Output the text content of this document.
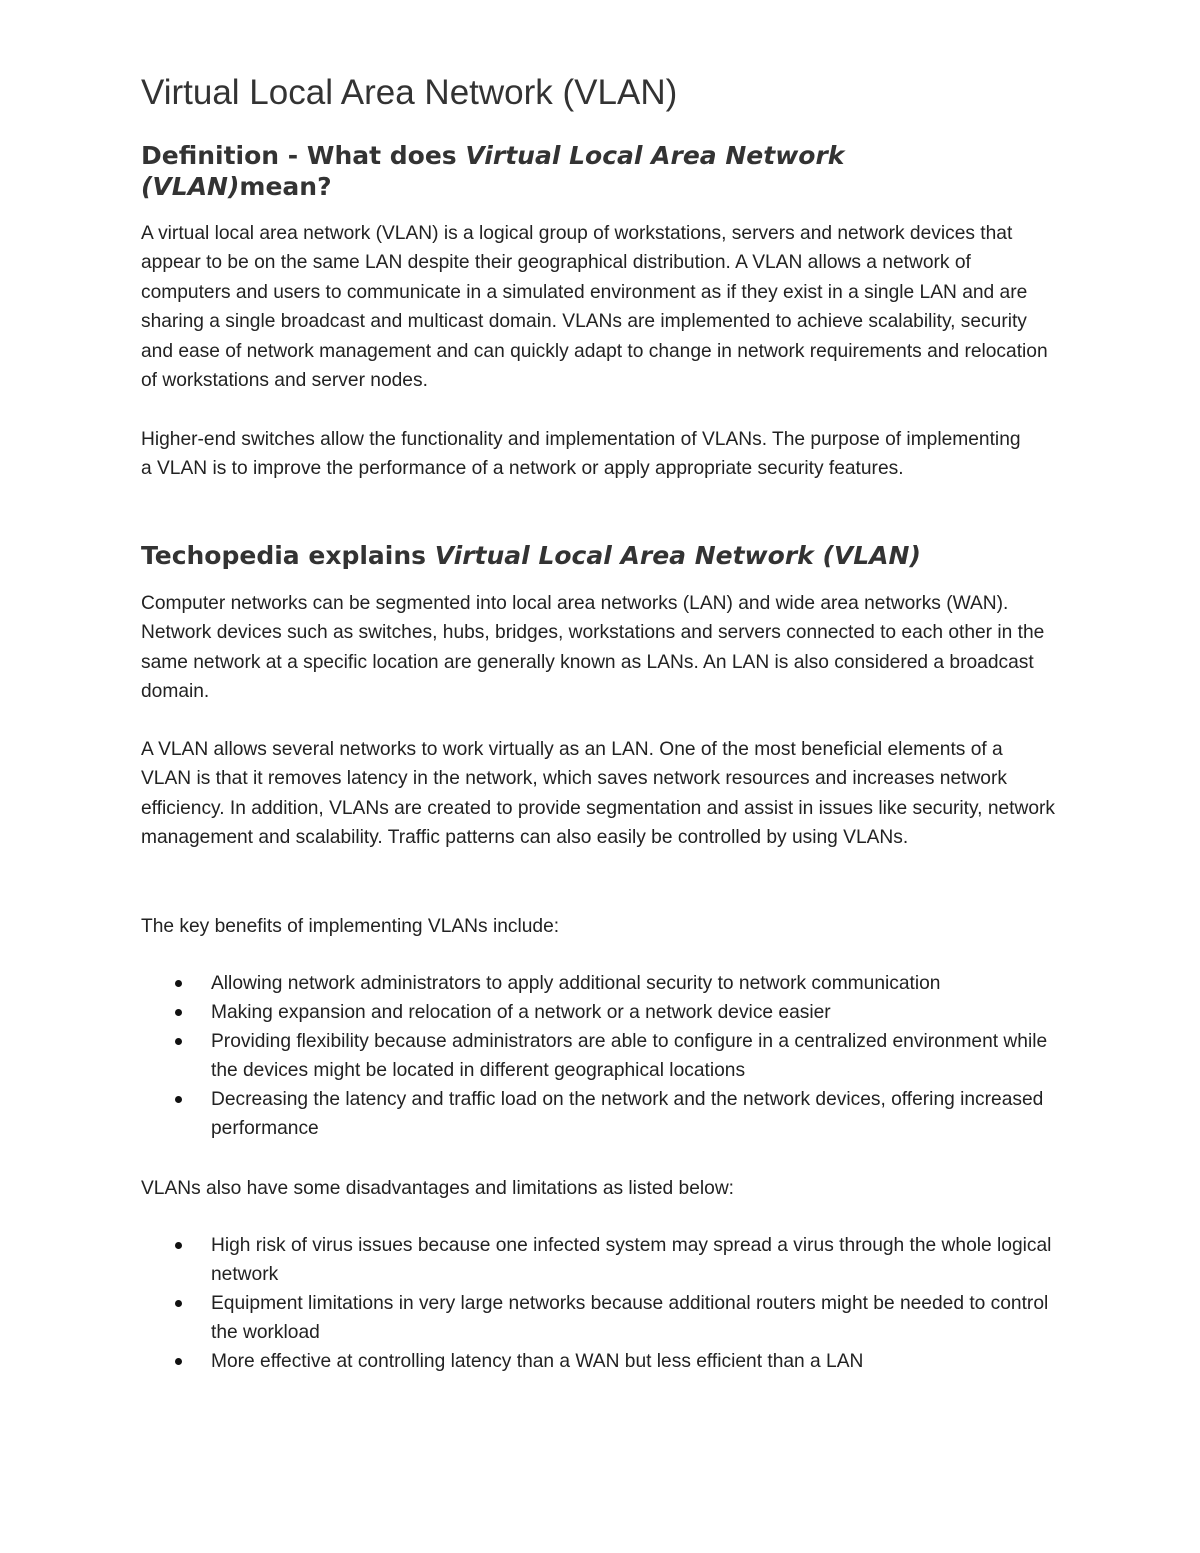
Virtual Local Area Network (VLAN)
Definition - What does Virtual Local Area Network (VLAN)mean?

A virtual local area network (VLAN) is a logical group of workstations, servers and network devices that appear to be on the same LAN despite their geographical distribution. A VLAN allows a network of computers and users to communicate in a simulated environment as if they exist in a single LAN and are sharing a single broadcast and multicast domain. VLANs are implemented to achieve scalability, security and ease of network management and can quickly adapt to change in network requirements and relocation of workstations and server nodes.

Higher-end switches allow the functionality and implementation of VLANs. The purpose of implementing a VLAN is to improve the performance of a network or apply appropriate security features.

Techopedia explains Virtual Local Area Network (VLAN)

Computer networks can be segmented into local area networks (LAN) and wide area networks (WAN). Network devices such as switches, hubs, bridges, workstations and servers connected to each other in the same network at a specific location are generally known as LANs. An LAN is also considered a broadcast domain.

A VLAN allows several networks to work virtually as an LAN. One of the most beneficial elements of a VLAN is that it removes latency in the network, which saves network resources and increases network efficiency. In addition, VLANs are created to provide segmentation and assist in issues like security, network management and scalability. Traffic patterns can also easily be controlled by using VLANs.

The key benefits of implementing VLANs include:

Allowing network administrators to apply additional security to network communication
Making expansion and relocation of a network or a network device easier
Providing flexibility because administrators are able to configure in a centralized environment while the devices might be located in different geographical locations
Decreasing the latency and traffic load on the network and the network devices, offering increased performance

VLANs also have some disadvantages and limitations as listed below:

High risk of virus issues because one infected system may spread a virus through the whole logical network
Equipment limitations in very large networks because additional routers might be needed to control the workload
More effective at controlling latency than a WAN but less efficient than a LAN
